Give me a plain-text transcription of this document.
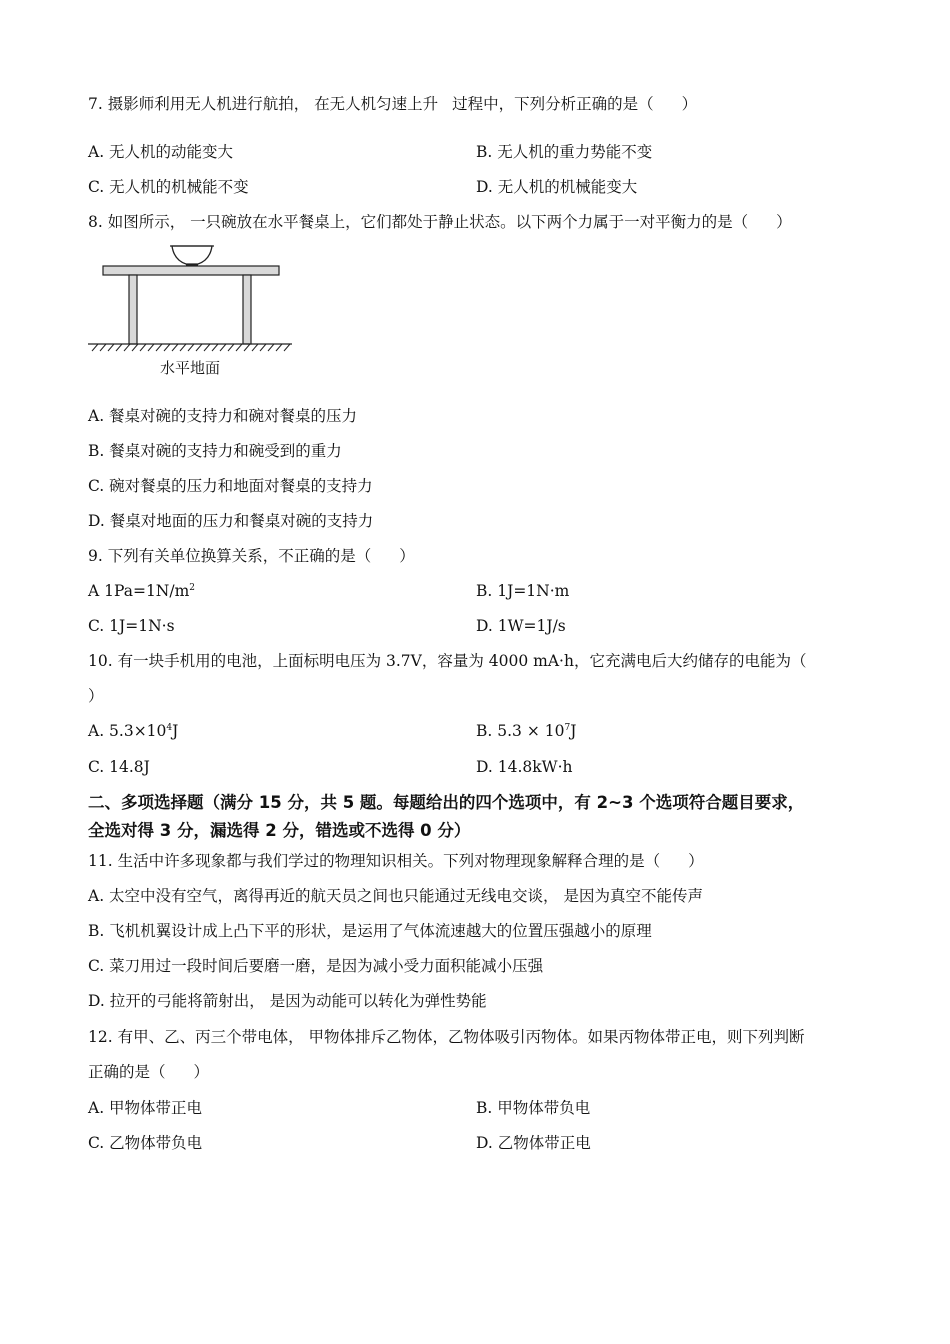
7. 摄影师利用无人机进行航拍， 在无人机匀速上升 过程中，下列分析正确的是（ ）
A. 无人机的动能变大	B. 无人机的重力势能不变
C. 无人机的机械能不变	D. 无人机的机械能变大
8. 如图所示， 一只碗放在水平餐桌上，它们都处于静止状态。以下两个力属于一对平衡力的是（ ）
水平地面
A. 餐桌对碗的支持力和碗对餐桌的压力
B. 餐桌对碗的支持力和碗受到的重力
C. 碗对餐桌的压力和地面对餐桌的支持力
D. 餐桌对地面的压力和餐桌对碗的支持力
9. 下列有关单位换算关系，不正确的是（ ）
A $1Pa=1N/m^2$	B. 1J=1N·m
C. 1J=1N·s	D. 1W=1J/s
10. 有一块手机用的电池，上面标明电压为 3.7V，容量为 4000 mA·h，它充满电后大约储存的电能为（
）
A. $5.3\times 10^4J$	B. $5.3 \times 10^7J$
C. 14.8J	D. 14.8kW·h
二、多项选择题（满分 15 分，共 5 题。每题给出的四个选项中，有 2~3 个选项符合题目要求，
全选对得 3 分，漏选得 2 分，错选或不选得 0 分）
11. 生活中许多现象都与我们学过的物理知识相关。下列对物理现象解释合理的是（ ）
A. 太空中没有空气，离得再近的航天员之间也只能通过无线电交谈， 是因为真空不能传声
B. 飞机机翼设计成上凸下平的形状，是运用了气体流速越大的位置压强越小的原理
C. 菜刀用过一段时间后要磨一磨，是因为减小受力面积能减小压强
D. 拉开的弓能将箭射出， 是因为动能可以转化为弹性势能
12. 有甲、乙、丙三个带电体， 甲物体排斥乙物体，乙物体吸引丙物体。如果丙物体带正电，则下列判断
正确的是（ ）
A. 甲物体带正电	B. 甲物体带负电
C. 乙物体带负电	D. 乙物体带正电
